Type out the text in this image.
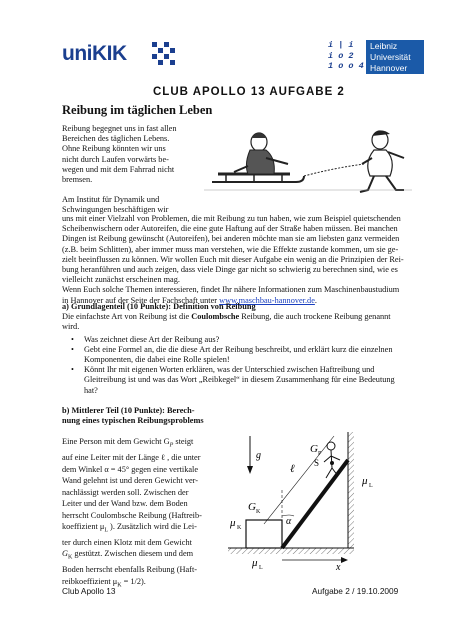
uniKIK	i | i
i o 2
1 o o 4
Leibniz
Universität
Hannover
CLUB APOLLO 13 AUFGABE 2
Reibung im täglichen Leben
Reibung begegnet uns in fast allen
Bereichen des täglichen Lebens.
Ohne Reibung könnten wir uns
nicht durch Laufen vorwärts be-
wegen und mit dem Fahrrad nicht
bremsen.
Am Institut für Dynamik und
Schwingungen beschäftigen wir
uns mit einer Vielzahl von Problemen, die mit Reibung zu tun haben, wie zum Beispiel quietschenden
Scheibenwischern oder Autoreifen, die eine gute Haftung auf der Straße haben müssen. Bei manchen
Dingen ist Reibung gewünscht (Autoreifen), bei anderen möchte man sie am liebsten ganz vermeiden
(z.B. beim Schlitten), aber immer muss man verstehen, wie die Effekte zustande kommen, um sie ge-
zielt beeinflussen zu können. Wir wollen Euch mit dieser Aufgabe ein wenig an die Prinzipien der Rei-
bung heranführen und auch zeigen, dass viele Dinge gar nicht so schwierig zu berechnen sind, wie es
vielleicht zunächst erscheinen mag.
Wenn Euch solche Themen interessieren, findet Ihr nähere Informationen zum Maschinenbaustudium
in Hannover auf der Seite der Fachschaft unter www.maschbau-hannover.de.
a) Grundlagenteil (10 Punkte): Definition von Reibung
Die einfachste Art von Reibung ist die Coulombsche Reibung, die auch trockene Reibung genannt
wird.
• Was zeichnet diese Art der Reibung aus?
• Gebt eine Formel an, die die diese Art der Reibung beschreibt, und erklärt kurz die einzelnen Komponenten, die dabei eine Rolle spielen!
• Könnt Ihr mit eigenen Worten erklären, was der Unterschied zwischen Haftreibung und Gleitreibung ist und was das Wort „Reibkegel“ in diesem Zusammenhang für eine Bedeutung hat?
b) Mittlerer Teil (10 Punkte): Berech-
nung eines typischen Reibungsproblems
Eine Person mit dem Gewicht $G_P$ steigt
auf eine Leiter mit der Länge ℓ , die unter
dem Winkel α = 45° gegen eine vertikale
Wand gelehnt ist und deren Gewicht ver-
nachlässigt werden soll. Zwischen der
Leiter und der Wand bzw. dem Boden
herrscht Coulombsche Reibung (Haftreib-
koeffizient $\mu_L$ ). Zusätzlich wird die Lei-
ter durch einen Klotz mit dem Gewicht
$G_K$ gestützt. Zwischen diesem und dem
Boden herrscht ebenfalls Reibung (Haft-
reibkoeffizient $\mu_K = 1/2$).
g
ℓ
G P
S
μ L
G K
μ K
α
μ L	x
Club Apollo 13	Aufgabe 2 / 19.10.2009
